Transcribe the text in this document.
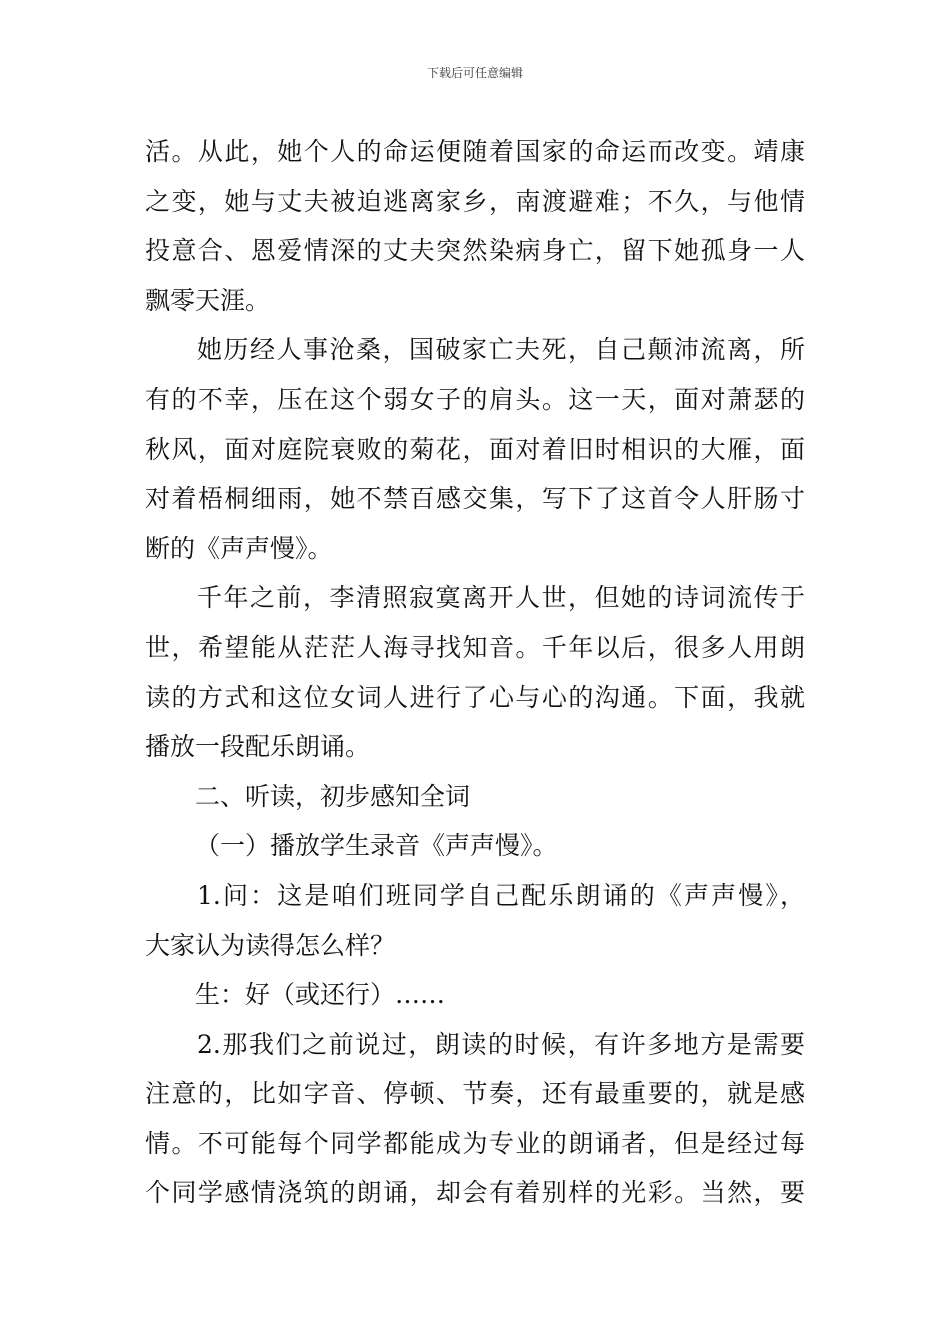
下载后可任意编辑
活。从此，她个人的命运便随着国家的命运而改变。靖康
之变，她与丈夫被迫逃离家乡，南渡避难；不久，与他情
投意合、恩爱情深的丈夫突然染病身亡，留下她孤身一人
飘零天涯。
她历经人事沧桑，国破家亡夫死，自己颠沛流离，所
有的不幸，压在这个弱女子的肩头。这一天，面对萧瑟的
秋风，面对庭院衰败的菊花，面对着旧时相识的大雁，面
对着梧桐细雨，她不禁百感交集，写下了这首令人肝肠寸
断的《声声慢》。
千年之前，李清照寂寞离开人世，但她的诗词流传于
世，希望能从茫茫人海寻找知音。千年以后，很多人用朗
读的方式和这位女词人进行了心与心的沟通。下面，我就
播放一段配乐朗诵。
二、听读，初步感知全词
（一）播放学生录音《声声慢》。
1.问：这是咱们班同学自己配乐朗诵的《声声慢》，
大家认为读得怎么样？
生：好（或还行）……
2.那我们之前说过，朗读的时候，有许多地方是需要
注意的，比如字音、停顿、节奏，还有最重要的，就是感
情。不可能每个同学都能成为专业的朗诵者，但是经过每
个同学感情浇筑的朗诵，却会有着别样的光彩。当然，要
